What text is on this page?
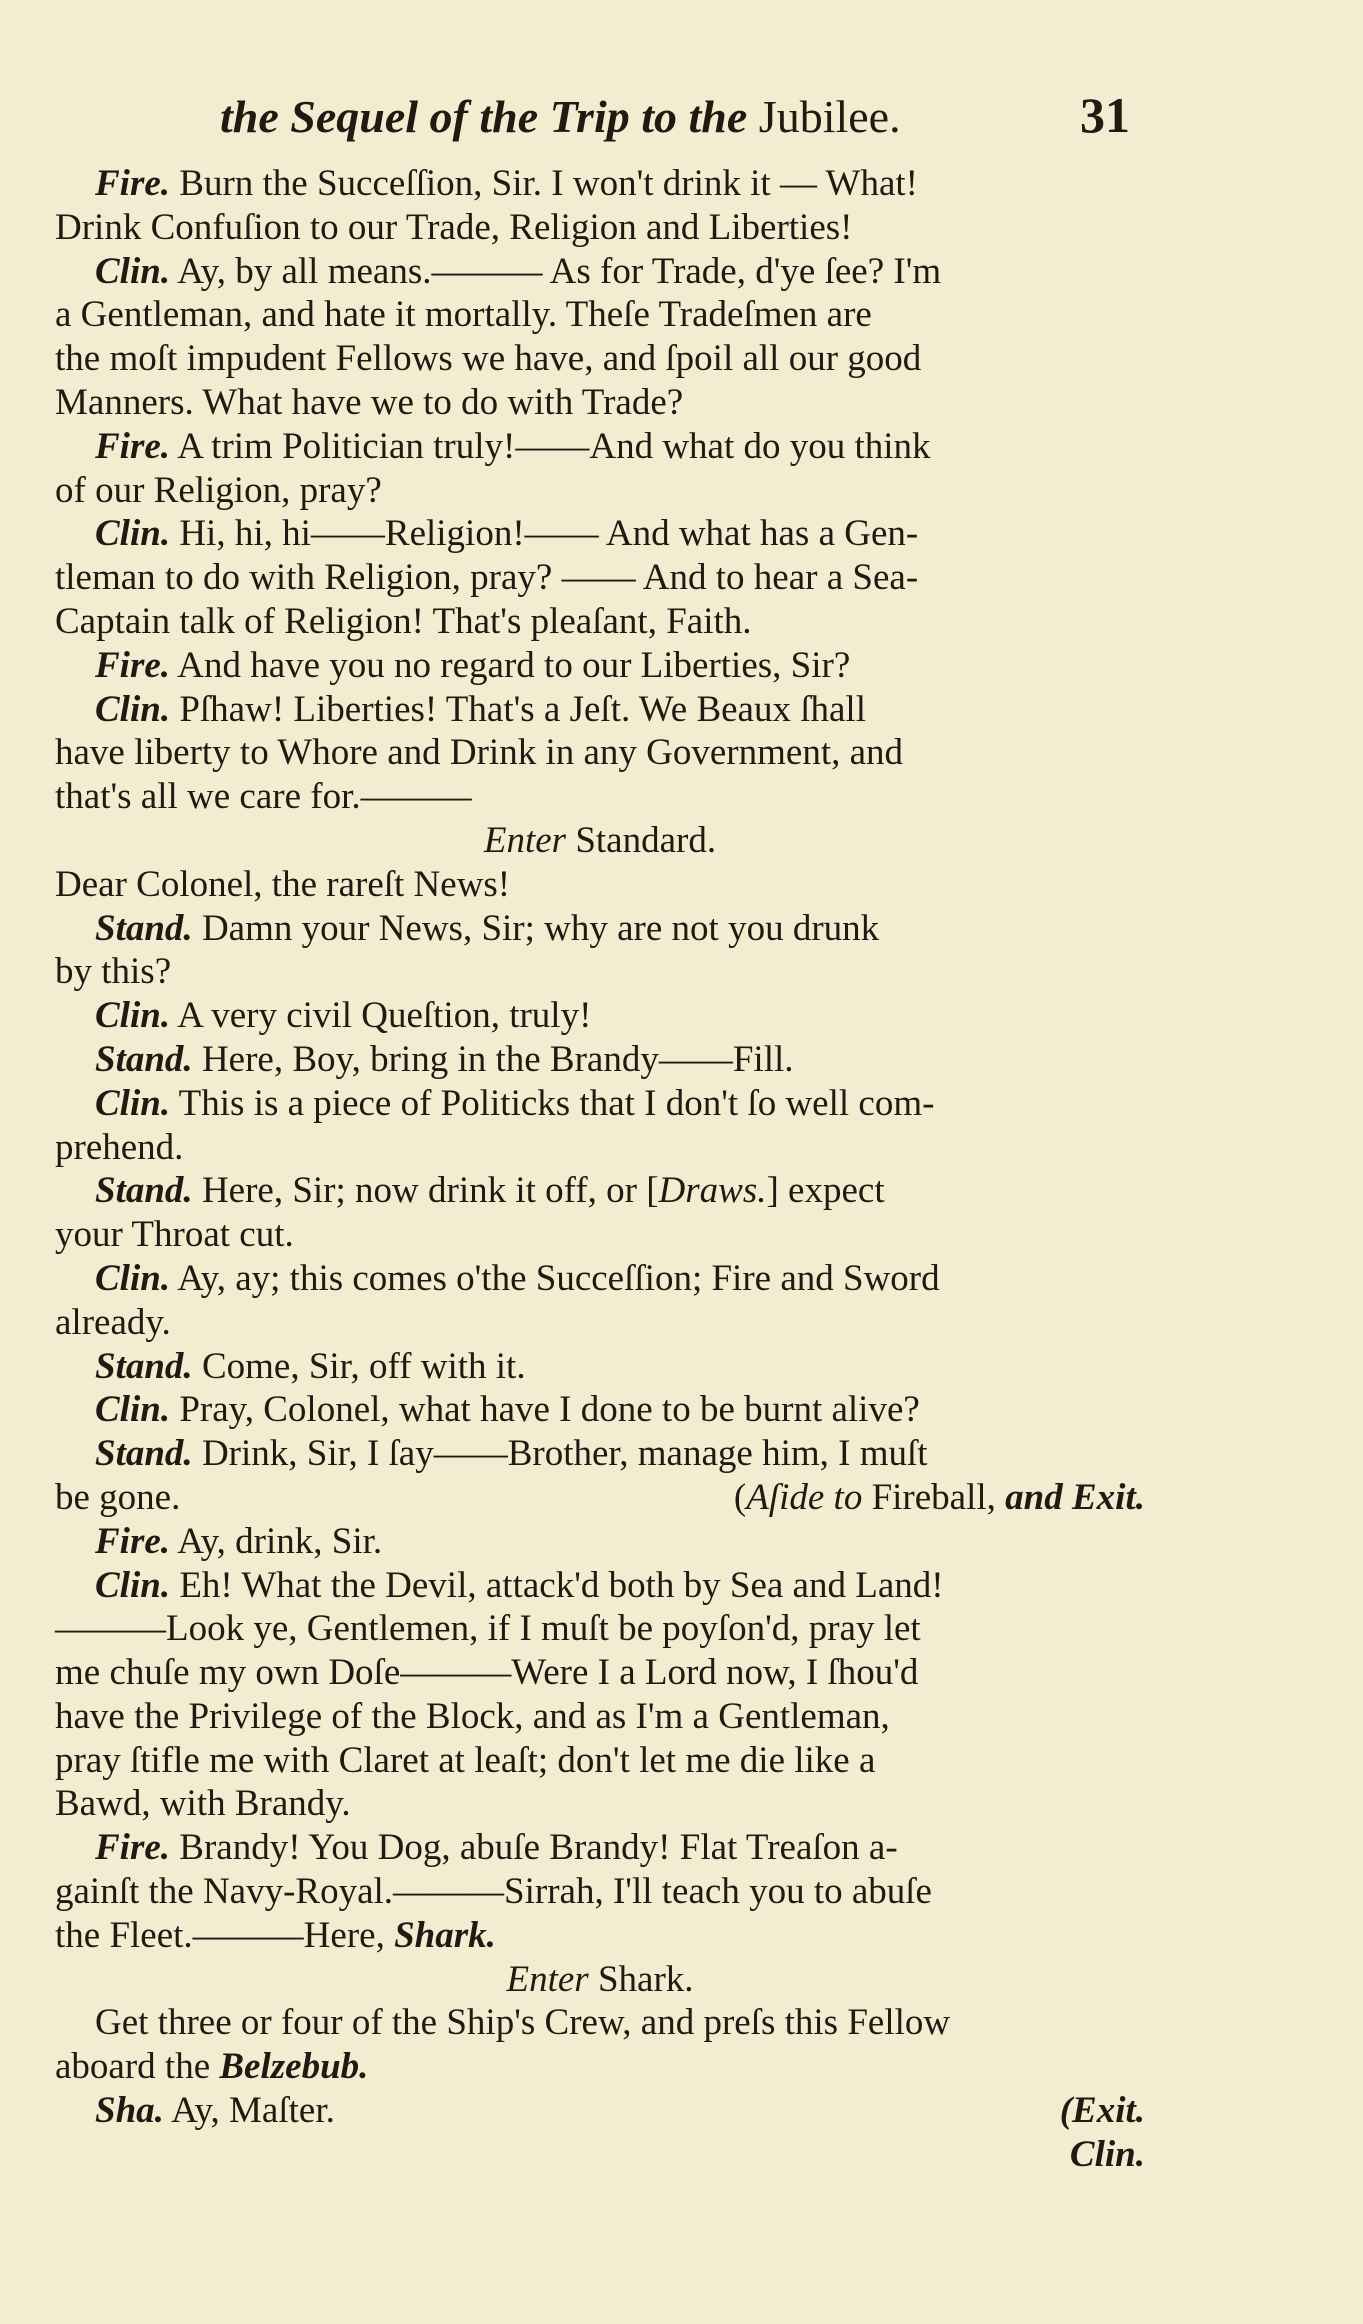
the Sequel of the Trip to the Jubilee.	31
Fire. Burn the Succeſſion, Sir. I won't drink it — What!
Drink Confuſion to our Trade, Religion and Liberties!
Clin. Ay, by all means.——— As for Trade, d'ye ſee? I'm
a Gentleman, and hate it mortally. Theſe Tradeſmen are
the moſt impudent Fellows we have, and ſpoil all our good
Manners. What have we to do with Trade?
Fire. A trim Politician truly!——And what do you think
of our Religion, pray?
Clin. Hi, hi, hi——Religion!—— And what has a Gen-
tleman to do with Religion, pray? —— And to hear a Sea-
Captain talk of Religion! That's pleaſant, Faith.
Fire. And have you no regard to our Liberties, Sir?
Clin. Pſhaw! Liberties! That's a Jeſt. We Beaux ſhall
have liberty to Whore and Drink in any Government, and
that's all we care for.———
Enter Standard.
Dear Colonel, the rareſt News!
Stand. Damn your News, Sir; why are not you drunk
by this?
Clin. A very civil Queſtion, truly!
Stand. Here, Boy, bring in the Brandy——Fill.
Clin. This is a piece of Politicks that I don't ſo well com-
prehend.
Stand. Here, Sir; now drink it off, or [Draws.] expect
your Throat cut.
Clin. Ay, ay; this comes o'the Succeſſion; Fire and Sword
already.
Stand. Come, Sir, off with it.
Clin. Pray, Colonel, what have I done to be burnt alive?
Stand. Drink, Sir, I ſay——Brother, manage him, I muſt
be gone.	(Aſide to Fireball, and Exit.
Fire. Ay, drink, Sir.
Clin. Eh! What the Devil, attack'd both by Sea and Land!
———Look ye, Gentlemen, if I muſt be poyſon'd, pray let
me chuſe my own Doſe———Were I a Lord now, I ſhou'd
have the Privilege of the Block, and as I'm a Gentleman,
pray ſtifle me with Claret at leaſt; don't let me die like a
Bawd, with Brandy.
Fire. Brandy! You Dog, abuſe Brandy! Flat Treaſon a-
gainſt the Navy-Royal.———Sirrah, I'll teach you to abuſe
the Fleet.———Here, Shark.
Enter Shark.
Get three or four of the Ship's Crew, and preſs this Fellow
aboard the Belzebub.
Sha. Ay, Maſter.	(Exit.
Clin.
